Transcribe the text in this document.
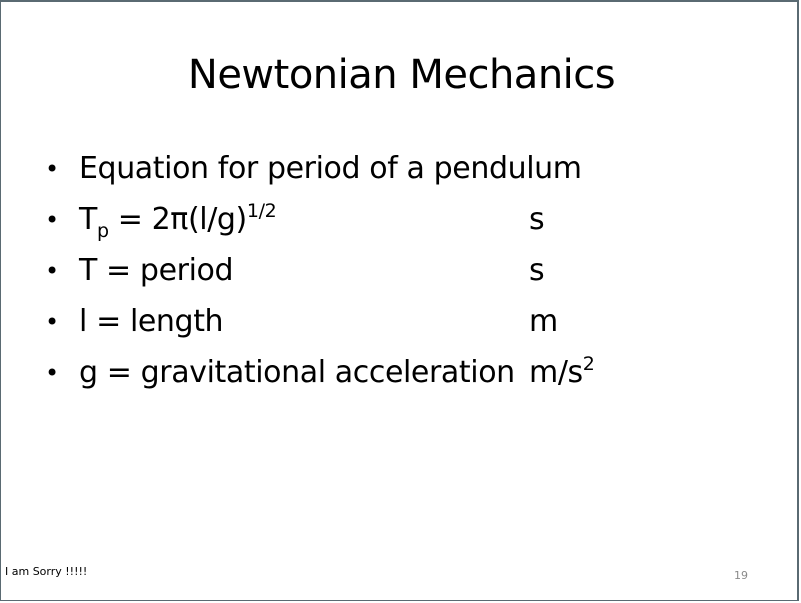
Newtonian Mechanics
• Equation for period of a pendulum
• $T_p = 2\pi(l/g)^{1/2}$	s
• T = period	s
• l = length	m
• g = gravitational acceleration $m/s^2$
I am Sorry !!!!!	19
